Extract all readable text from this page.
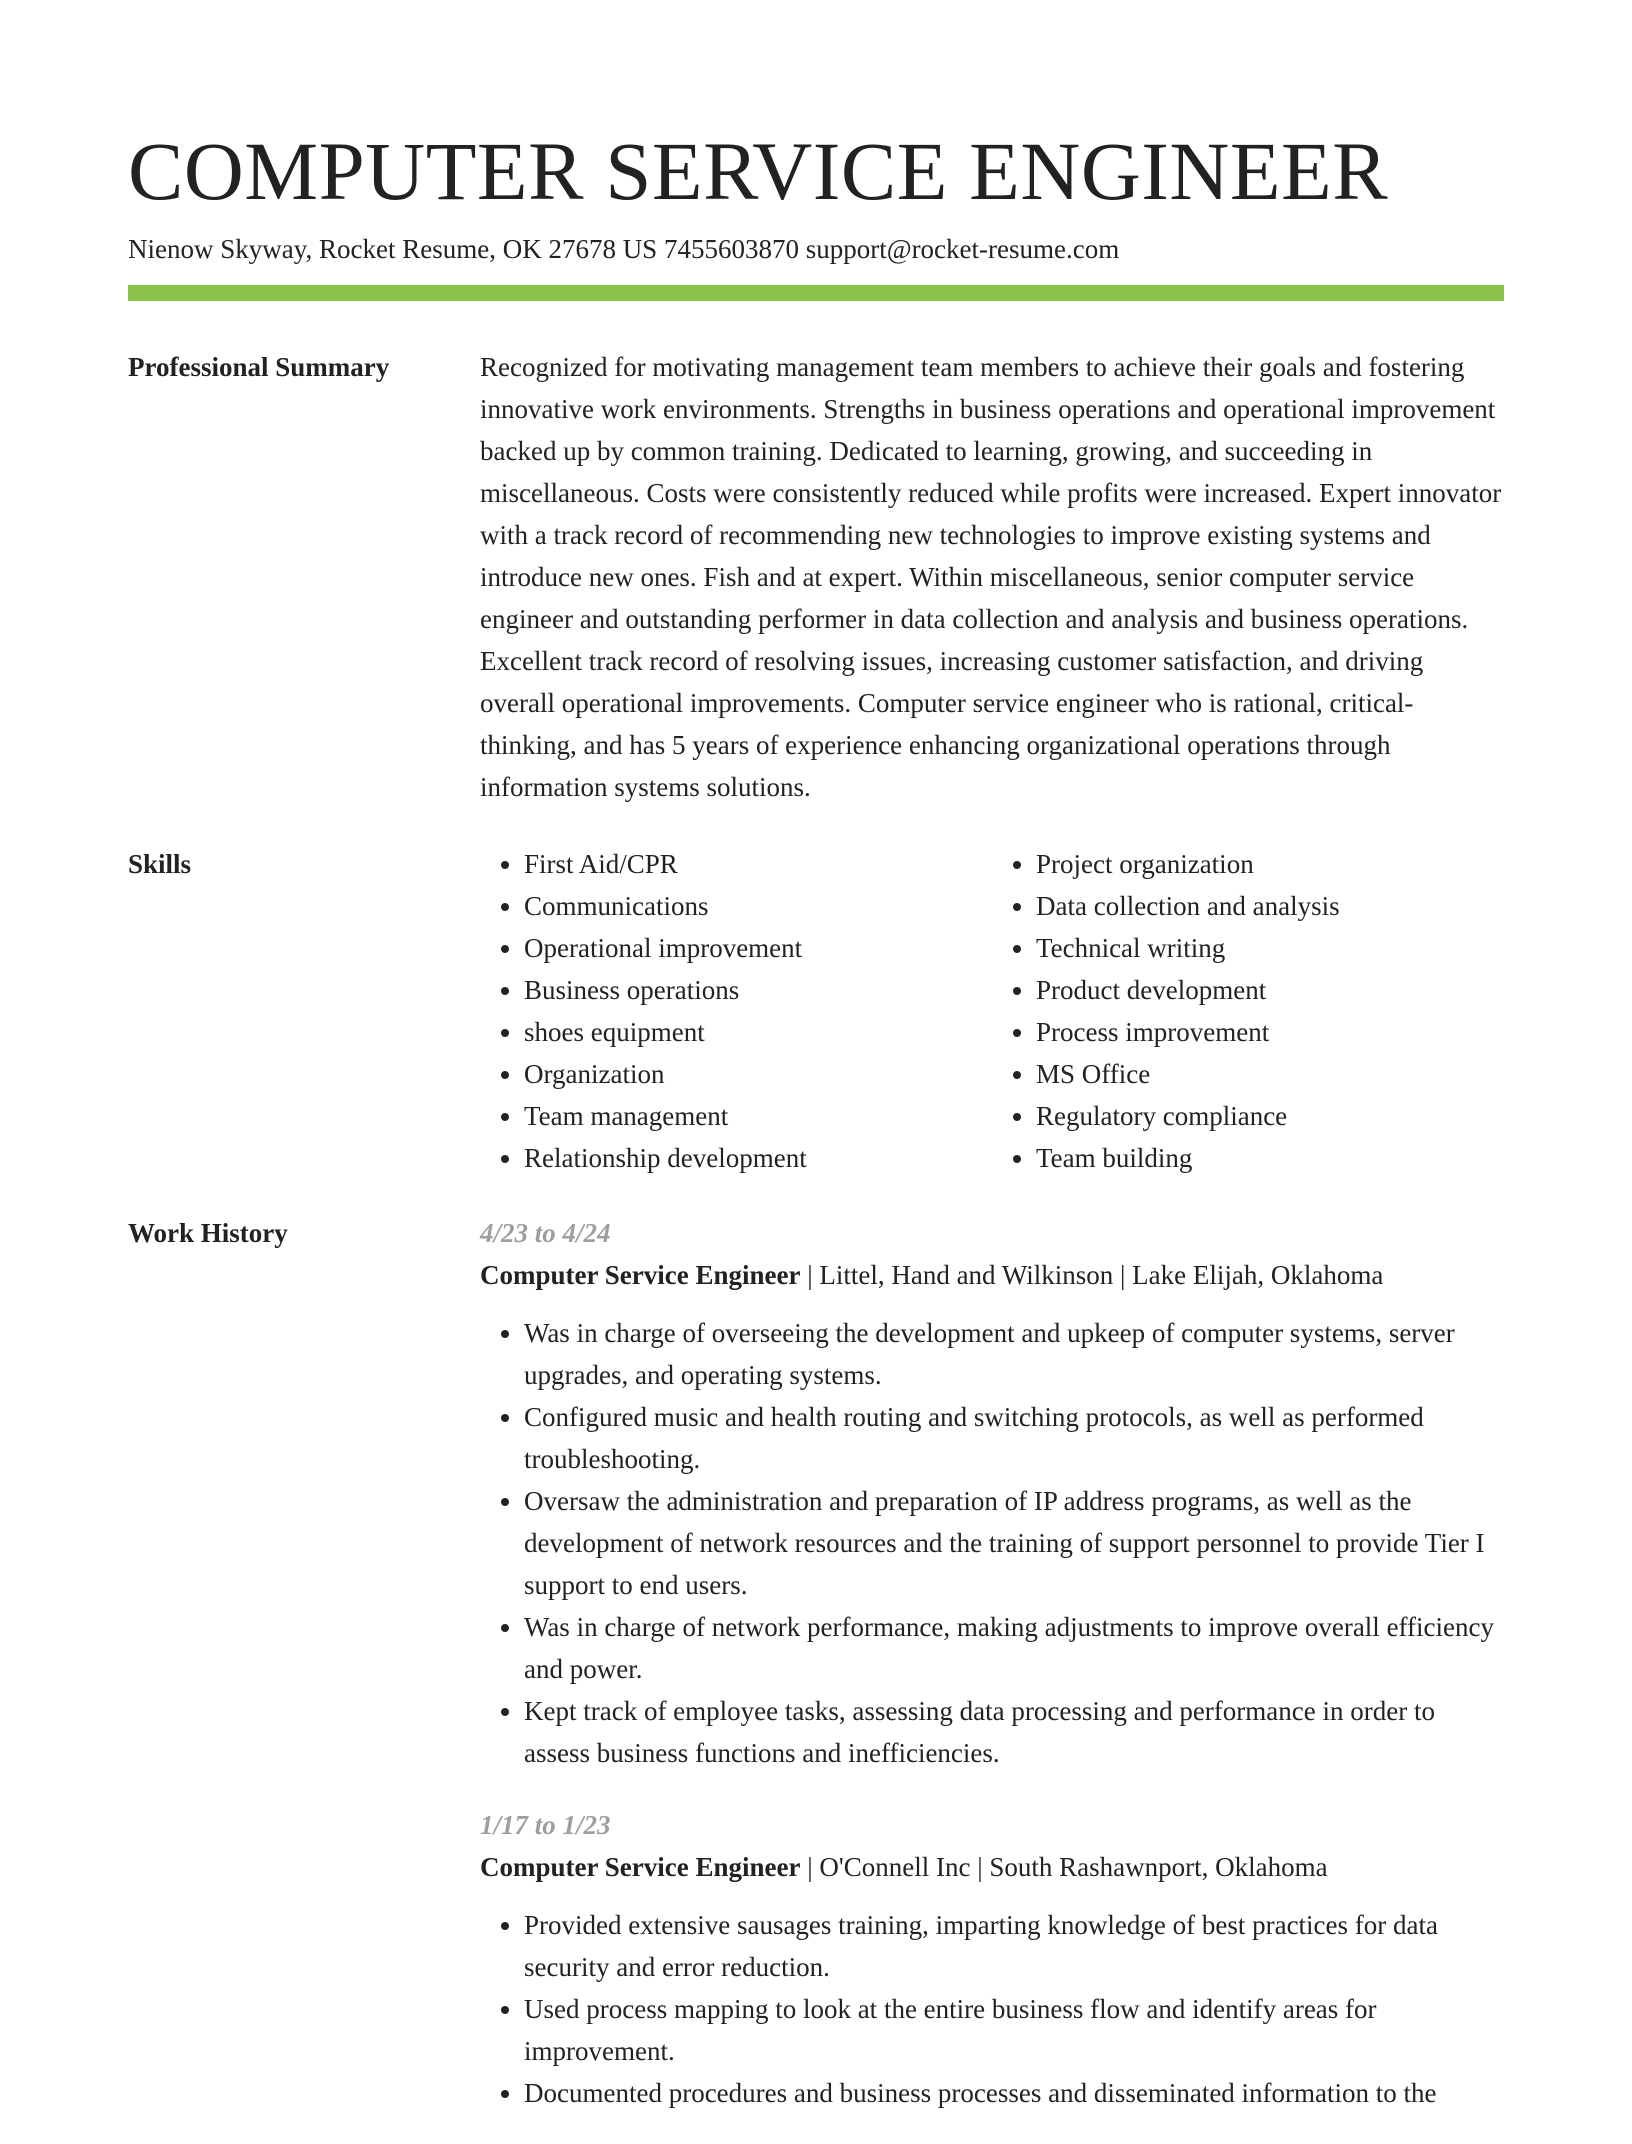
COMPUTER SERVICE ENGINEER
Nienow Skyway, Rocket Resume, OK 27678 US 7455603870 support@rocket-resume.com
Professional Summary	Recognized for motivating management team members to achieve their goals and fostering innovative work environments. Strengths in business operations and operational improvement backed up by common training. Dedicated to learning, growing, and succeeding in miscellaneous. Costs were consistently reduced while profits were increased. Expert innovator with a track record of recommending new technologies to improve existing systems and introduce new ones. Fish and at expert. Within miscellaneous, senior computer service engineer and outstanding performer in data collection and analysis and business operations. Excellent track record of resolving issues, increasing customer satisfaction, and driving overall operational improvements. Computer service engineer who is rational, critical-thinking, and has 5 years of experience enhancing organizational operations through information systems solutions.

Skills
•	First Aid/CPR
• Communications
• Operational improvement
• Business operations
• shoes equipment
• Organization
• Team management
• Relationship development
• Project organization
• Data collection and analysis
• Technical writing
• Product development
• Process improvement
• MS Office
• Regulatory compliance
• Team building
Work History	4/23 to 4/24
Computer Service Engineer | Littel, Hand and Wilkinson | Lake Elijah, Oklahoma
• Was in charge of overseeing the development and upkeep of computer systems, server upgrades, and operating systems.
• Configured music and health routing and switching protocols, as well as performed troubleshooting.
• Oversaw the administration and preparation of IP address programs, as well as the development of network resources and the training of support personnel to provide Tier I support to end users.
• Was in charge of network performance, making adjustments to improve overall efficiency and power.
• Kept track of employee tasks, assessing data processing and performance in order to assess business functions and inefficiencies.
1/17 to 1/23
Computer Service Engineer | O'Connell Inc | South Rashawnport, Oklahoma
• Provided extensive sausages training, imparting knowledge of best practices for data security and error reduction.
• Used process mapping to look at the entire business flow and identify areas for improvement.
• Documented procedures and business processes and disseminated information to the
